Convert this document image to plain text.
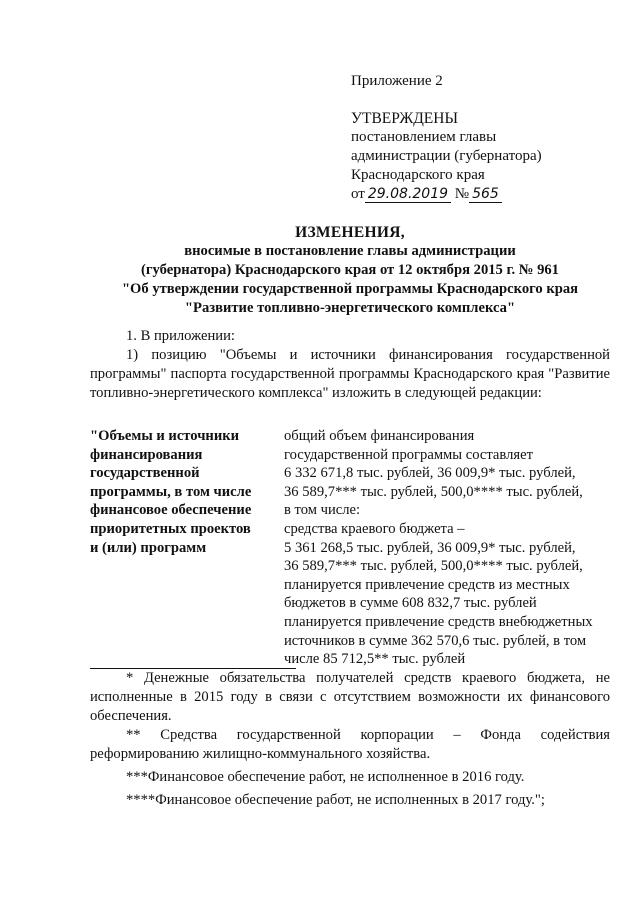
Приложение 2
УТВЕРЖДЕНЫ
постановлением главы
администрации (губернатора)
Краснодарского края
от 29.08.2019 № 565
ИЗМЕНЕНИЯ,
вносимые в постановление главы администрации
(губернатора) Краснодарского края от 12 октября 2015 г. № 961
"Об утверждении государственной программы Краснодарского края
"Развитие топливно-энергетического комплекса"
1. В приложении:
1) позицию "Объемы и источники финансирования государственной программы" паспорта государственной программы Краснодарского края "Развитие топливно-энергетического комплекса" изложить в следующей редакции:
"Объемы и источники
финансирования
государственной
программы, в том числе
финансовое обеспечение
приоритетных проектов
и (или) программ
общий объем финансирования
государственной программы составляет
6 332 671,8 тыс. рублей, 36 009,9* тыс. рублей,
36 589,7*** тыс. рублей, 500,0**** тыс. рублей,
в том числе:
средства краевого бюджета –
5 361 268,5 тыс. рублей, 36 009,9* тыс. рублей,
36 589,7*** тыс. рублей, 500,0**** тыс. рублей,
планируется привлечение средств из местных
бюджетов в сумме 608 832,7 тыс. рублей
планируется привлечение средств внебюджетных
источников в сумме 362 570,6 тыс. рублей, в том
числе 85 712,5** тыс. рублей

* Денежные обязательства получателей средств краевого бюджета, не исполненные в 2015 году в связи с отсутствием возможности их финансового обеспечения.

** Средства государственной корпорации – Фонда содействия реформированию жилищно-коммунального хозяйства.

***Финансовое обеспечение работ, не исполненное в 2016 году.

****Финансовое обеспечение работ, не исполненных в 2017 году.";
